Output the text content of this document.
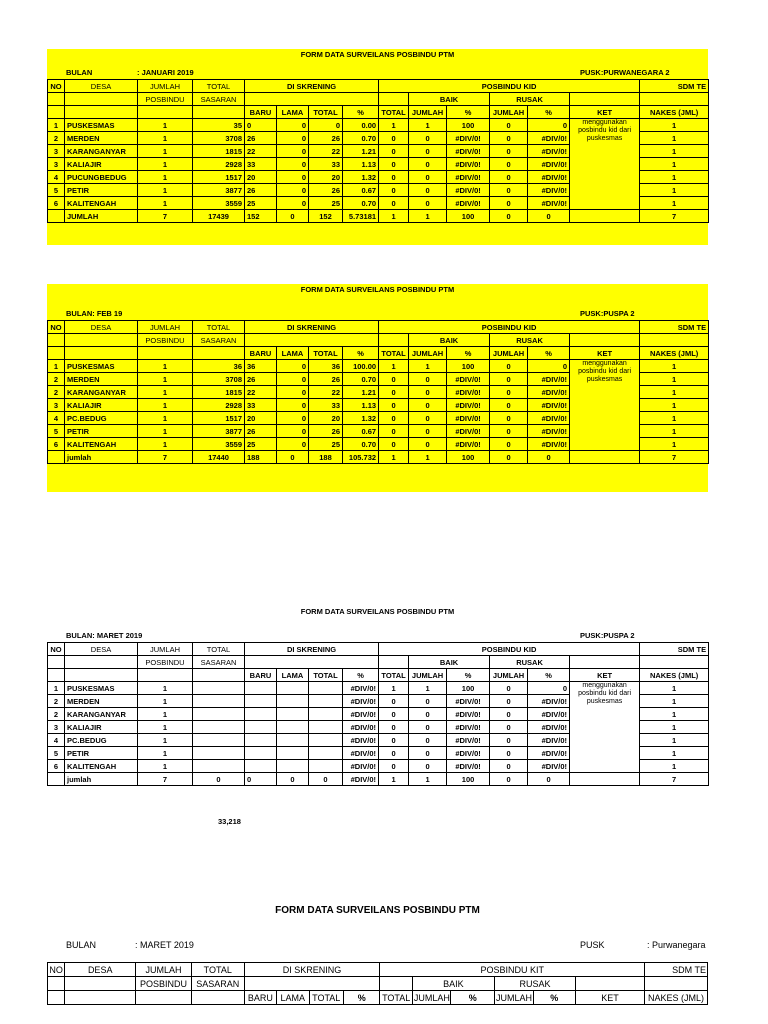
FORM DATA SURVEILANS POSBINDU PTM
BULAN	: JANUARI 2019	PUSK:PURWANEGARA 2
NO	DESA	JUMLAH	TOTAL	DI SKRENING				POSBINDU KID						SDM TE
		POSBINDU	SASARAN						BAIK		RUSAK			
				BARU	LAMA	TOTAL	%	TOTAL	JUMLAH	%	JUMLAH	%	KET	NAKES (JML)
1	PUSKESMAS	1	35	0	0	0	0.00	1	1	100	0	0	menggunakan posbindu kid dari puskesmas	1
2	MERDEN	1	3708	26	0	26	0.70	0	0	#DIV/0!	0	#DIV/0!		1
3	KARANGANYAR	1	1815	22	0	22	1.21	0	0	#DIV/0!	0	#DIV/0!		1
3	KALIAJIR	1	2928	33	0	33	1.13	0	0	#DIV/0!	0	#DIV/0!		1
4	PUCUNGBEDUG	1	1517	20	0	20	1.32	0	0	#DIV/0!	0	#DIV/0!		1
5	PETIR	1	3877	26	0	26	0.67	0	0	#DIV/0!	0	#DIV/0!		1
6	KALITENGAH	1	3559	25	0	25	0.70	0	0	#DIV/0!	0	#DIV/0!		1
	JUMLAH	7	17439	152	0	152	5.73181	1	1	100	0	0		7
FORM DATA SURVEILANS POSBINDU PTM
BULAN: FEB 19	PUSK:PUSPA 2
NO	DESA	JUMLAH	TOTAL	DI SKRENING				POSBINDU KID						SDM TE
		POSBINDU	SASARAN						BAIK		RUSAK			
				BARU	LAMA	TOTAL	%	TOTAL	JUMLAH	%	JUMLAH	%	KET	NAKES (JML)
1	PUSKESMAS	1	36	36	0	36	100.00	1	1	100	0	0	menggunakan posbindu kid dari puskesmas	1
2	MERDEN	1	3708	26	0	26	0.70	0	0	#DIV/0!	0	#DIV/0!		1
2	KARANGANYAR	1	1815	22	0	22	1.21	0	0	#DIV/0!	0	#DIV/0!		1
3	KALIAJIR	1	2928	33	0	33	1.13	0	0	#DIV/0!	0	#DIV/0!		1
4	PC.BEDUG	1	1517	20	0	20	1.32	0	0	#DIV/0!	0	#DIV/0!		1
5	PETIR	1	3877	26	0	26	0.67	0	0	#DIV/0!	0	#DIV/0!		1
6	KALITENGAH	1	3559	25	0	25	0.70	0	0	#DIV/0!	0	#DIV/0!		1
	jumlah	7	17440	188	0	188	105.732	1	1	100	0	0		7
FORM DATA SURVEILANS POSBINDU PTM
BULAN: MARET 2019	PUSK:PUSPA 2
NO	DESA	JUMLAH	TOTAL	DI SKRENING				POSBINDU KID						SDM TE
		POSBINDU	SASARAN						BAIK		RUSAK			
				BARU	LAMA	TOTAL	%	TOTAL	JUMLAH	%	JUMLAH	%	KET	NAKES (JML)
1	PUSKESMAS	1					#DIV/0!	1	1	100	0	0	menggunakan posbindu kid dari puskesmas	1
2	MERDEN	1					#DIV/0!	0	0	#DIV/0!	0	#DIV/0!		1
2	KARANGANYAR	1					#DIV/0!	0	0	#DIV/0!	0	#DIV/0!		1
3	KALIAJIR	1					#DIV/0!	0	0	#DIV/0!	0	#DIV/0!		1
4	PC.BEDUG	1					#DIV/0!	0	0	#DIV/0!	0	#DIV/0!		1
5	PETIR	1					#DIV/0!	0	0	#DIV/0!	0	#DIV/0!		1
6	KALITENGAH	1					#DIV/0!	0	0	#DIV/0!	0	#DIV/0!		1
	jumlah	7	0	0	0	0	#DIV/0!	1	1	100	0	0		7
33,218
FORM DATA SURVEILANS POSBINDU PTM
BULAN	: MARET 2019	PUSK	: Purwanegara
NO	DESA	JUMLAH	TOTAL	DI SKRENING				POSBINDU KIT						SDM TE
		POSBINDU	SASARAN						BAIK		RUSAK			
				BARU	LAMA	TOTAL	%	TOTAL	JUMLAH	%	JUMLAH	%	KET	NAKES (JML)
